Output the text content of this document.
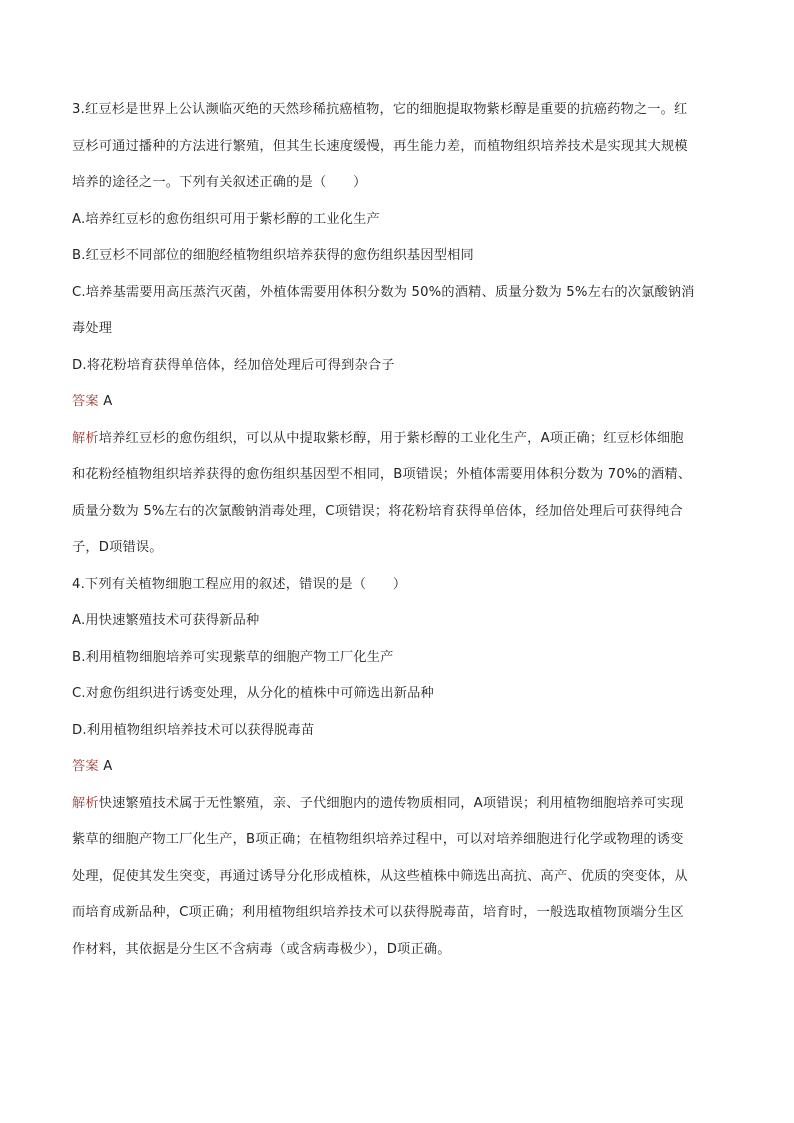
3.红豆杉是世界上公认濒临灭绝的天然珍稀抗癌植物，它的细胞提取物紫杉醇是重要的抗癌药物之一。红
豆杉可通过播种的方法进行繁殖，但其生长速度缓慢，再生能力差，而植物组织培养技术是实现其大规模
培养的途径之一。下列有关叙述正确的是（　　）
A.培养红豆杉的愈伤组织可用于紫杉醇的工业化生产
B.红豆杉不同部位的细胞经植物组织培养获得的愈伤组织基因型相同
C.培养基需要用高压蒸汽灭菌，外植体需要用体积分数为 50%的酒精、质量分数为 5%左右的次氯酸钠消
毒处理
D.将花粉培育获得单倍体，经加倍处理后可得到杂合子
答案 A
解析培养红豆杉的愈伤组织，可以从中提取紫杉醇，用于紫杉醇的工业化生产，A项正确；红豆杉体细胞
和花粉经植物组织培养获得的愈伤组织基因型不相同，B项错误；外植体需要用体积分数为 70%的酒精、
质量分数为 5%左右的次氯酸钠消毒处理，C项错误；将花粉培育获得单倍体，经加倍处理后可获得纯合
子，D项错误。
4.下列有关植物细胞工程应用的叙述，错误的是（　　）
A.用快速繁殖技术可获得新品种
B.利用植物细胞培养可实现紫草的细胞产物工厂化生产
C.对愈伤组织进行诱变处理，从分化的植株中可筛选出新品种
D.利用植物组织培养技术可以获得脱毒苗
答案 A
解析快速繁殖技术属于无性繁殖，亲、子代细胞内的遗传物质相同，A项错误；利用植物细胞培养可实现
紫草的细胞产物工厂化生产，B项正确；在植物组织培养过程中，可以对培养细胞进行化学或物理的诱变
处理，促使其发生突变，再通过诱导分化形成植株，从这些植株中筛选出高抗、高产、优质的突变体，从
而培育成新品种，C项正确；利用植物组织培养技术可以获得脱毒苗，培育时，一般选取植物顶端分生区
作材料，其依据是分生区不含病毒（或含病毒极少），D项正确。
